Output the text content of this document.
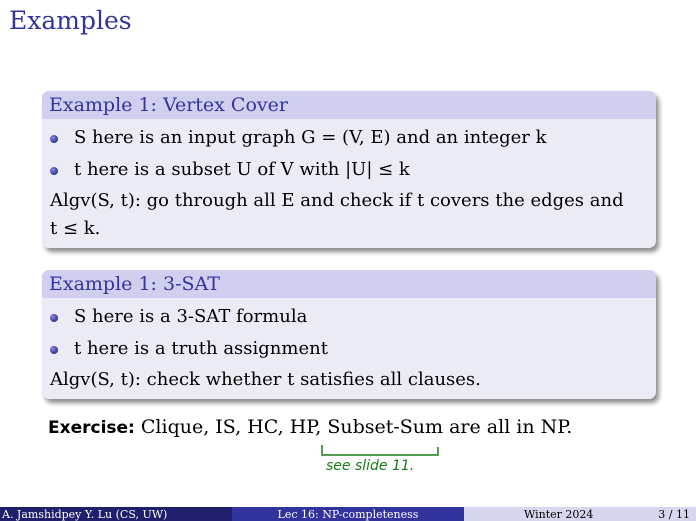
Examples
Example 1: Vertex Cover
S here is an input graph G = (V, E) and an integer k
t here is a subset U of V with |U| ≤ k
Algv(S, t): go through all E and check if t covers the edges and
t ≤ k.
Example 1: 3-SAT
S here is a 3-SAT formula
t here is a truth assignment
Algv(S, t): check whether t satisfies all clauses.
Exercise: Clique, IS, HC, HP, Subset-Sum are all in NP.
see slide 11.
A. Jamshidpey Y. Lu (CS, UW)	Lec 16: NP-completeness	Winter 2024	3 / 11
